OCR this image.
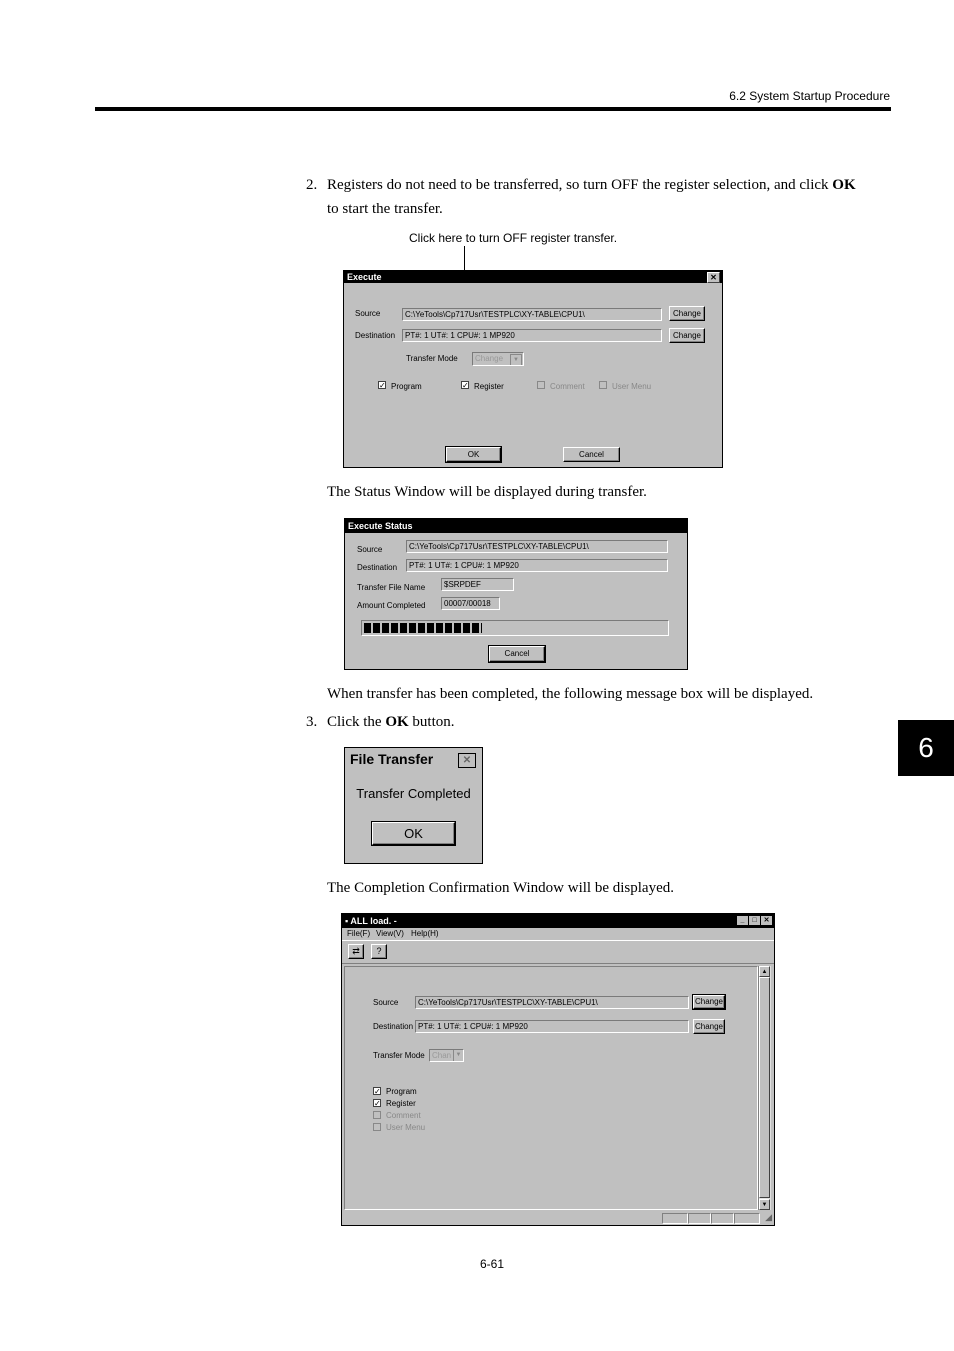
6.2 System Startup Procedure
2. Registers do not need to be transferred, so turn OFF the register selection, and click OK
to start the transfer.
Click here to turn OFF register transfer.
Execute	✕
Source	C:\YeTools\Cp717Usr\TESTPLC\XY-TABLE\CPU1\	Change
Destination	PT#: 1 UT#: 1 CPU#: 1 MP920	Change
Transfer Mode	Change	▼
✓ Program	✓ Register	Comment	User Menu
OK	Cancel
The Status Window will be displayed during transfer.
Execute Status
Source	C:\YeTools\Cp717Usr\TESTPLC\XY-TABLE\CPU1\
Destination	PT#: 1 UT#: 1 CPU#: 1 MP920
Transfer File Name	$SRPDEF
Amount Completed	00007/00018
Cancel
When transfer has been completed, the following message box will be displayed.
3. Click the OK button.
6
File Transfer	✕
Transfer Completed
OK
The Completion Confirmation Window will be displayed.
▪ ALL load. -	_	□ ✕
File(F) View(V) Help(H)
⇄	?
Source	C:\YeTools\Cp717Usr\TESTPLC\XY-TABLE\CPU1\	Change
Destination PT#: 1 UT#: 1 CPU#: 1 MP920	Change
Transfer Mode Chan ▼
✓ Program
✓ Register
Comment
User Menu
▲
▼
◢
6-61
